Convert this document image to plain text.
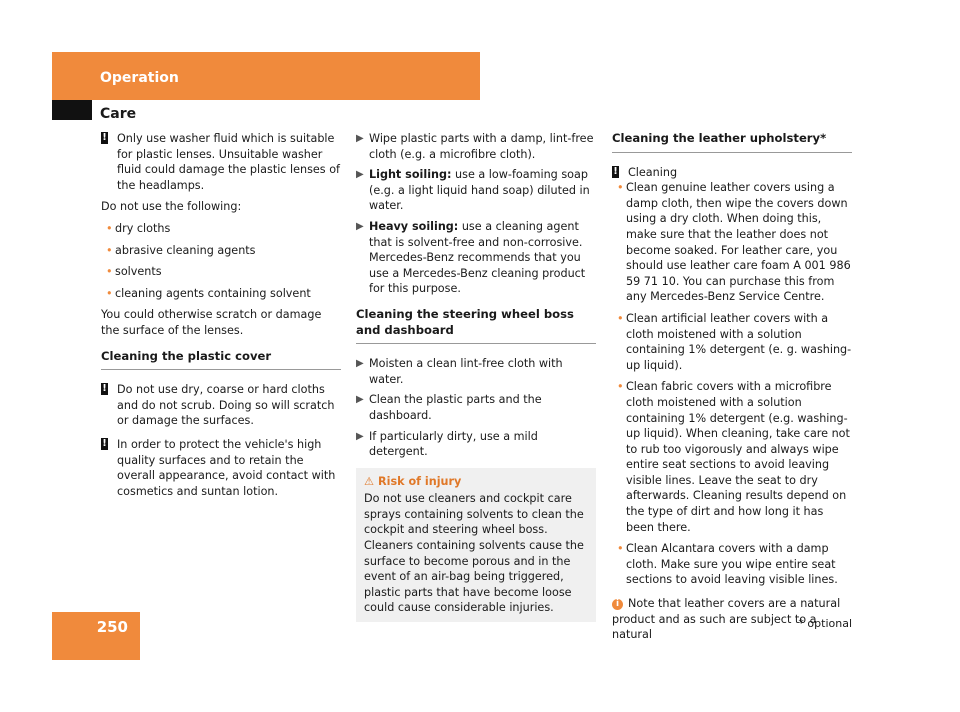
Operation
Care
! Only use washer fluid which is suitable for plastic lenses. Unsuitable washer fluid could damage the plastic lenses of the headlamps.

Do not use the following:

• dry cloths
• abrasive cleaning agents
• solvents
• cleaning agents containing solvent

You could otherwise scratch or damage the surface of the lenses.

Cleaning the plastic cover
! Do not use dry, coarse or hard cloths and do not scrub. Doing so will scratch or damage the surfaces.
! In order to protect the vehicle's high quality surfaces and to retain the overall appearance, avoid contact with cosmetics and suntan lotion.
▶ Wipe plastic parts with a damp, lint-free cloth (e.g. a microfibre cloth).
▶ Light soiling: use a low-foaming soap (e.g. a light liquid hand soap) diluted in water.
▶ Heavy soiling: use a cleaning agent that is solvent-free and non-corrosive. Mercedes-Benz recommends that you use a Mercedes-Benz cleaning product for this purpose.
Cleaning the steering wheel boss and dashboard
▶ Moisten a clean lint-free cloth with water.
▶ Clean the plastic parts and the dashboard.
▶ If particularly dirty, use a mild detergent.
⚠ Risk of injury
Do not use cleaners and cockpit care sprays containing solvents to clean the cockpit and steering wheel boss. Cleaners containing solvents cause the surface to become porous and in the event of an air-bag being triggered, plastic parts that have become loose could cause considerable injuries.
Cleaning the leather upholstery*
! Cleaning
• Clean genuine leather covers using a damp cloth, then wipe the covers down using a dry cloth. When doing this, make sure that the leather does not become soaked. For leather care, you should use leather care foam A 001 986 59 71 10. You can purchase this from any Mercedes-Benz Service Centre.
• Clean artificial leather covers with a cloth moistened with a solution containing 1% detergent (e. g. washing-up liquid).
• Clean fabric covers with a microfibre cloth moistened with a solution containing 1% detergent (e.g. washing-up liquid). When cleaning, take care not to rub too vigorously and always wipe entire seat sections to avoid leaving visible lines. Leave the seat to dry afterwards. Cleaning results depend on the type of dirt and how long it has been there.
• Clean Alcantara covers with a damp cloth. Make sure you wipe entire seat sections to avoid leaving visible lines.
i Note that leather covers are a natural product and as such are subject to a natural
250	* optional
